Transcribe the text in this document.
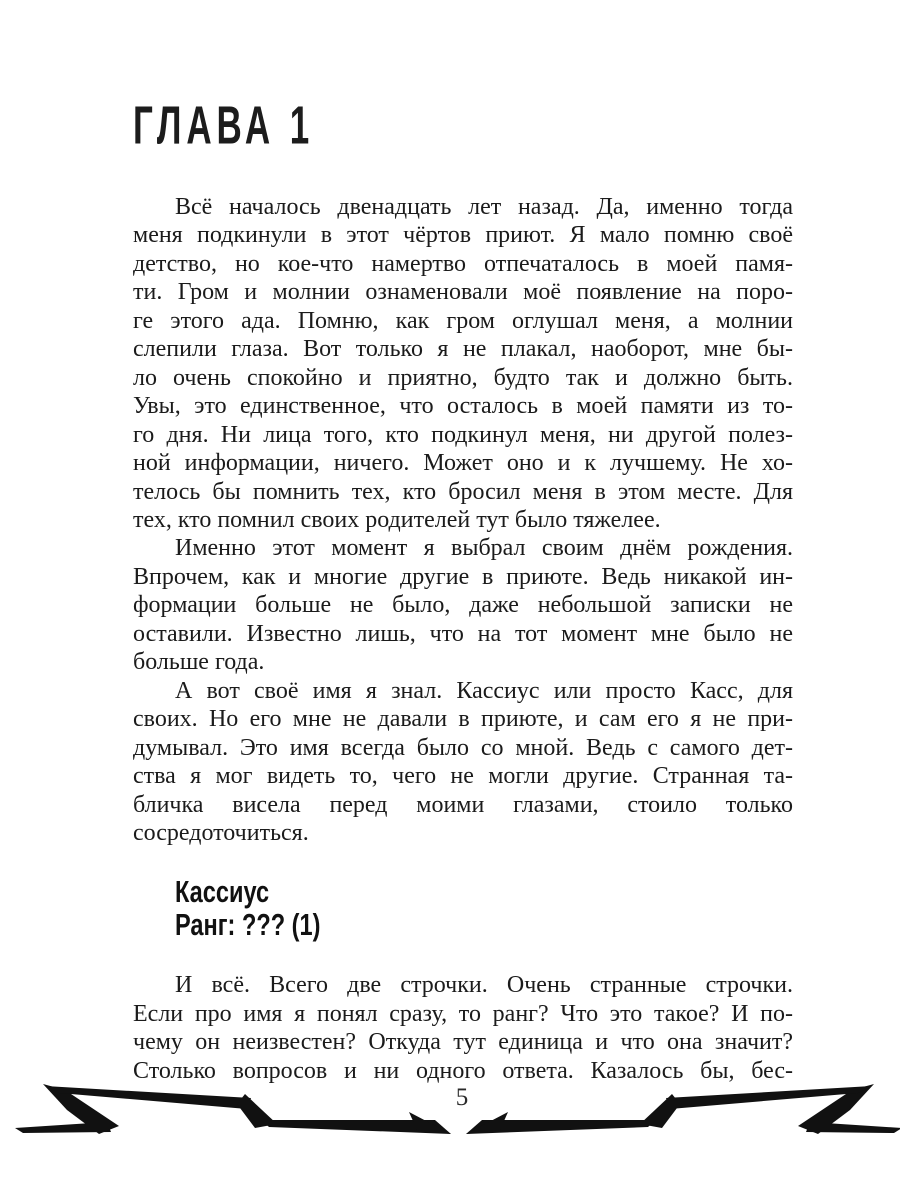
ГЛАВА 1
Всё началось двенадцать лет назад. Да, именно тогда
меня подкинули в этот чёртов приют. Я мало помню своё
детство, но кое-что намертво отпечаталось в моей памя-
ти. Гром и молнии ознаменовали моё появление на поро-
ге этого ада. Помню, как гром оглушал меня, а молнии
слепили глаза. Вот только я не плакал, наоборот, мне бы-
ло очень спокойно и приятно, будто так и должно быть.
Увы, это единственное, что осталось в моей памяти из то-
го дня. Ни лица того, кто подкинул меня, ни другой полез-
ной информации, ничего. Может оно и к лучшему. Не хо-
телось бы помнить тех, кто бросил меня в этом месте. Для
тех, кто помнил своих родителей тут было тяжелее.
Именно этот момент я выбрал своим днём рождения.
Впрочем, как и многие другие в приюте. Ведь никакой ин-
формации больше не было, даже небольшой записки не
оставили. Известно лишь, что на тот момент мне было не
больше года.
А вот своё имя я знал. Кассиус или просто Касс, для
своих. Но его мне не давали в приюте, и сам его я не при-
думывал. Это имя всегда было со мной. Ведь с самого дет-
ства я мог видеть то, чего не могли другие. Странная та-
бличка висела перед моими глазами, стоило только
сосредоточиться.
Кассиус
Ранг: ??? (1)
И всё. Всего две строчки. Очень странные строчки.
Если про имя я понял сразу, то ранг? Что это такое? И по-
чему он неизвестен? Откуда тут единица и что она значит?
Столько вопросов и ни одного ответа. Казалось бы, бес-
5
